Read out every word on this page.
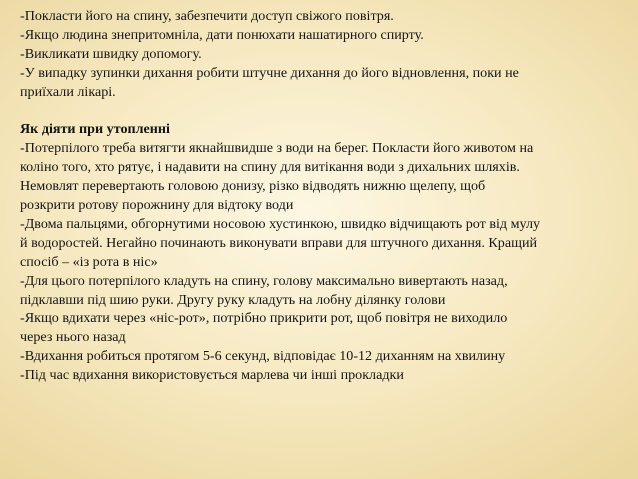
-Покласти його на спину, забезпечити доступ свіжого повітря.
-Якщо людина знепритомніла, дати понюхати нашатирного спирту.
-Викликати швидку допомогу.
-У випадку зупинки дихання робити штучне дихання до його відновлення, поки не
приїхали лікарі.
Як діяти при утопленні
-Потерпілого треба витягти якнайшвидше з води на берег. Покласти його животом на
коліно того, хто рятує, і надавити на спину для витікання води з дихальних шляхів.
Немовлят перевертають головою донизу, різко відводять нижню щелепу, щоб
розкрити ротову порожнину для відтоку води
-Двома пальцями, обгорнутими носовою хустинкою, швидко відчищають рот від мулу
й водоростей. Негайно починають виконувати вправи для штучного дихання. Кращий
спосіб – «із рота в ніс»
-Для цього потерпілого кладуть на спину, голову максимально вивертають назад,
підклавши під шию руки. Другу руку кладуть на лобну ділянку голови
-Якщо вдихати через «ніс-рот», потрібно прикрити рот, щоб повітря не виходило
через нього назад
-Вдихання робиться протягом 5-6 секунд, відповідає 10-12 диханням на хвилину
-Під час вдихання використовується марлева чи інші прокладки
